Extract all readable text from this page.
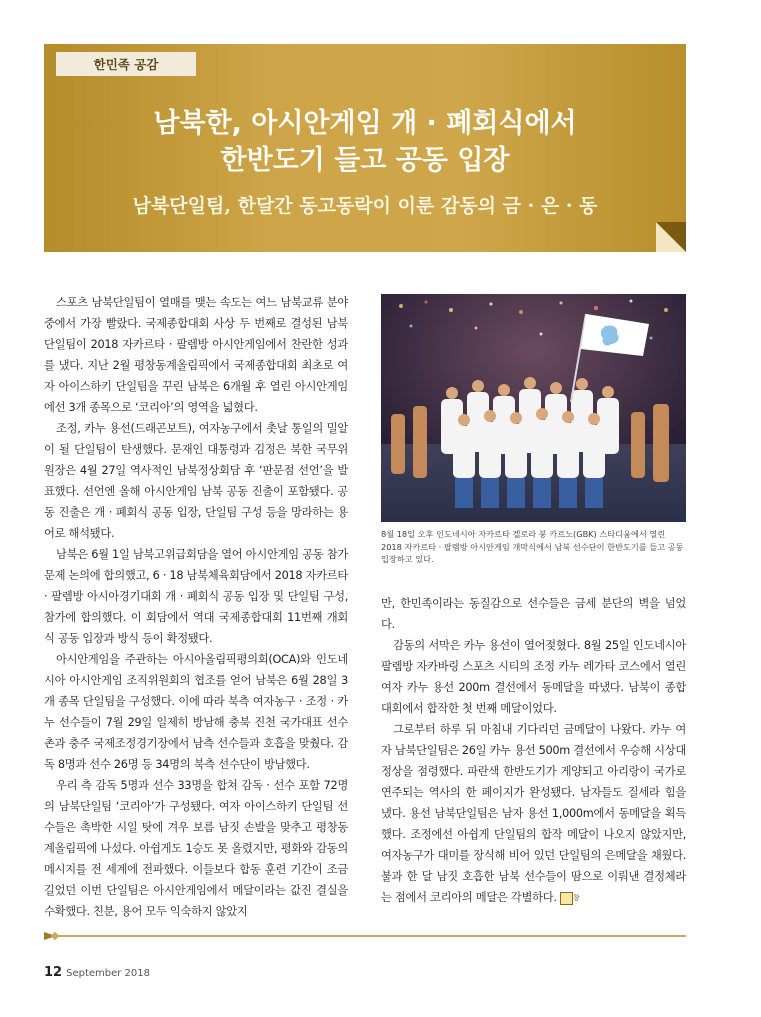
한민족 공감
남북한, 아시안게임 개 · 폐회식에서
한반도기 들고 공동 입장
남북단일팀, 한달간 동고동락이 이룬 감동의 금 · 은 · 동

스포츠 남북단일팀이 열매를 맺는 속도는 여느 남북교류 분야 중에서 가장 빨랐다. 국제종합대회 사상 두 번째로 결성된 남북단일팀이 2018 자카르타 · 팔렘방 아시안게임에서 찬란한 성과를 냈다. 지난 2월 평창동계올림픽에서 국제종합대회 최초로 여자 아이스하키 단일팀을 꾸린 남북은 6개월 후 열린 아시안게임에선 3개 종목으로 ‘코리아’의 영역을 넓혔다.

조정, 카누 용선(드래곤보트), 여자농구에서 촛날 통일의 밀알이 될 단일팀이 탄생했다. 문재인 대통령과 김정은 북한 국무위원장은 4월 27일 역사적인 남북정상회담 후 ‘판문점 선언’을 발표했다. 선언엔 올해 아시안게임 남북 공동 진출이 포함됐다. 공동 진출은 개 · 폐회식 공동 입장, 단일팀 구성 등을 망라하는 용어로 해석됐다.

남북은 6월 1일 남북고위급회담을 열어 아시안게임 공동 참가 문제 논의에 합의했고, 6 · 18 남북체육회담에서 2018 자카르타 · 팔렘방 아시아경기대회 개 · 폐회식 공동 입장 및 단일팀 구성, 참가에 합의했다. 이 회담에서 역대 국제종합대회 11번째 개회식 공동 입장과 방식 등이 확정됐다.

아시안게임을 주관하는 아시아올림픽평의회(OCA)와 인도네시아 아시안게임 조직위원회의 협조를 얻어 남북은 6월 28일 3개 종목 단일팀을 구성했다. 이에 따라 북측 여자농구 · 조정 · 카누 선수들이 7월 29일 일제히 방남해 충북 진천 국가대표 선수촌과 충주 국제조정경기장에서 남측 선수들과 호흡을 맞췄다. 감독 8명과 선수 26명 등 34명의 북측 선수단이 방남했다.

우리 측 감독 5명과 선수 33명을 합쳐 감독 · 선수 포함 72명의 남북단일팀 ‘코리아’가 구성됐다. 여자 아이스하키 단일팀 선수들은 촉박한 시일 탓에 겨우 보름 남짓 손발을 맞추고 평창동계올림픽에 나섰다. 아쉽게도 1승도 못 올렸지만, 평화와 감동의 메시지를 전 세계에 전파했다. 이들보다 합동 훈련 기간이 조금 길었던 이번 단일팀은 아시안게임에서 메달이라는 값진 결실을 수확했다. 친분, 용어 모두 익숙하지 않았지

8월 18일 오후 인도네시아 자카르타 겔로라 붕 카르노(GBK) 스타디움에서 열린 2018 자카르타 · 팔렘방 아시안게임 개막식에서 남북 선수단이 한반도기를 들고 공동 입장하고 있다.

만, 한민족이라는 동질감으로 선수들은 금세 분단의 벽을 넘었다.

감동의 서막은 카누 용선이 열어젖혔다. 8월 25일 인도네시아 팔렘방 자카바링 스포츠 시티의 조정 카누 레가타 코스에서 열린 여자 카누 용선 200m 결선에서 동메달을 따냈다. 남북이 종합대회에서 합작한 첫 번째 메달이었다.

그로부터 하루 뒤 마침내 기다리던 금메달이 나왔다. 카누 여자 남북단일팀은 26일 카누 용선 500m 결선에서 우승해 시상대 정상을 점령했다. 파란색 한반도기가 게양되고 아리랑이 국가로 연주되는 역사의 한 페이지가 완성됐다. 남자들도 질세라 힘을 냈다. 용선 남북단일팀은 남자 용선 1,000m에서 동메달을 획득했다. 조정에선 아쉽게 단일팀의 합작 메달이 나오지 않았지만, 여자농구가 대미를 장식해 비어 있던 단일팀의 은메달을 채웠다. 불과 한 달 남짓 호흡한 남북 선수들이 땀으로 이뤄낸 결정체라는 점에서 코리아의 메달은 각별하다. 창

12 September 2018
